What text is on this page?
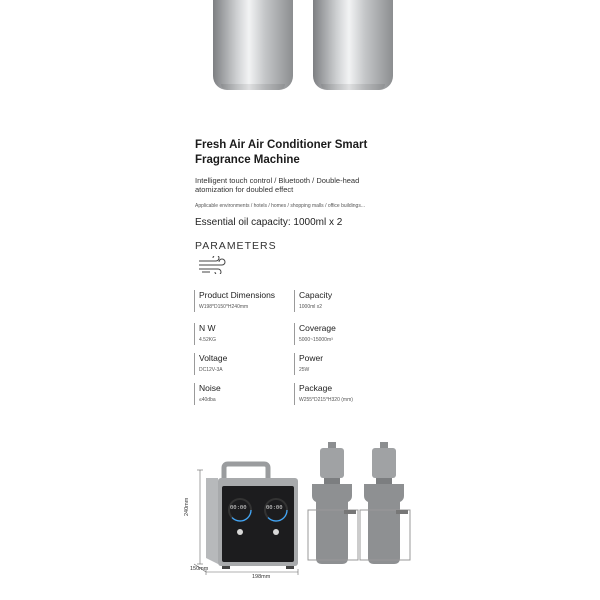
Fresh Air Air Conditioner Smart
Fragrance Machine
Intelligent touch control / Bluetooth / Double-head
atomization for doubled effect
Applicable environments / hotels / homes / shopping malls / office buildings...
Essential oil capacity: 1000ml x 2
PARAMETERS
Product Dimensions
W198*D150*H240mm
Capacity
1000ml x2
N W
4.52KG
Coverage
5000~15000m³
Voltage
DC12V-3A
Power
25W
Noise
≤40dba
Package
W255*D215*H320 (mm)
240mm
150mm
198mm
00:00	00:00
